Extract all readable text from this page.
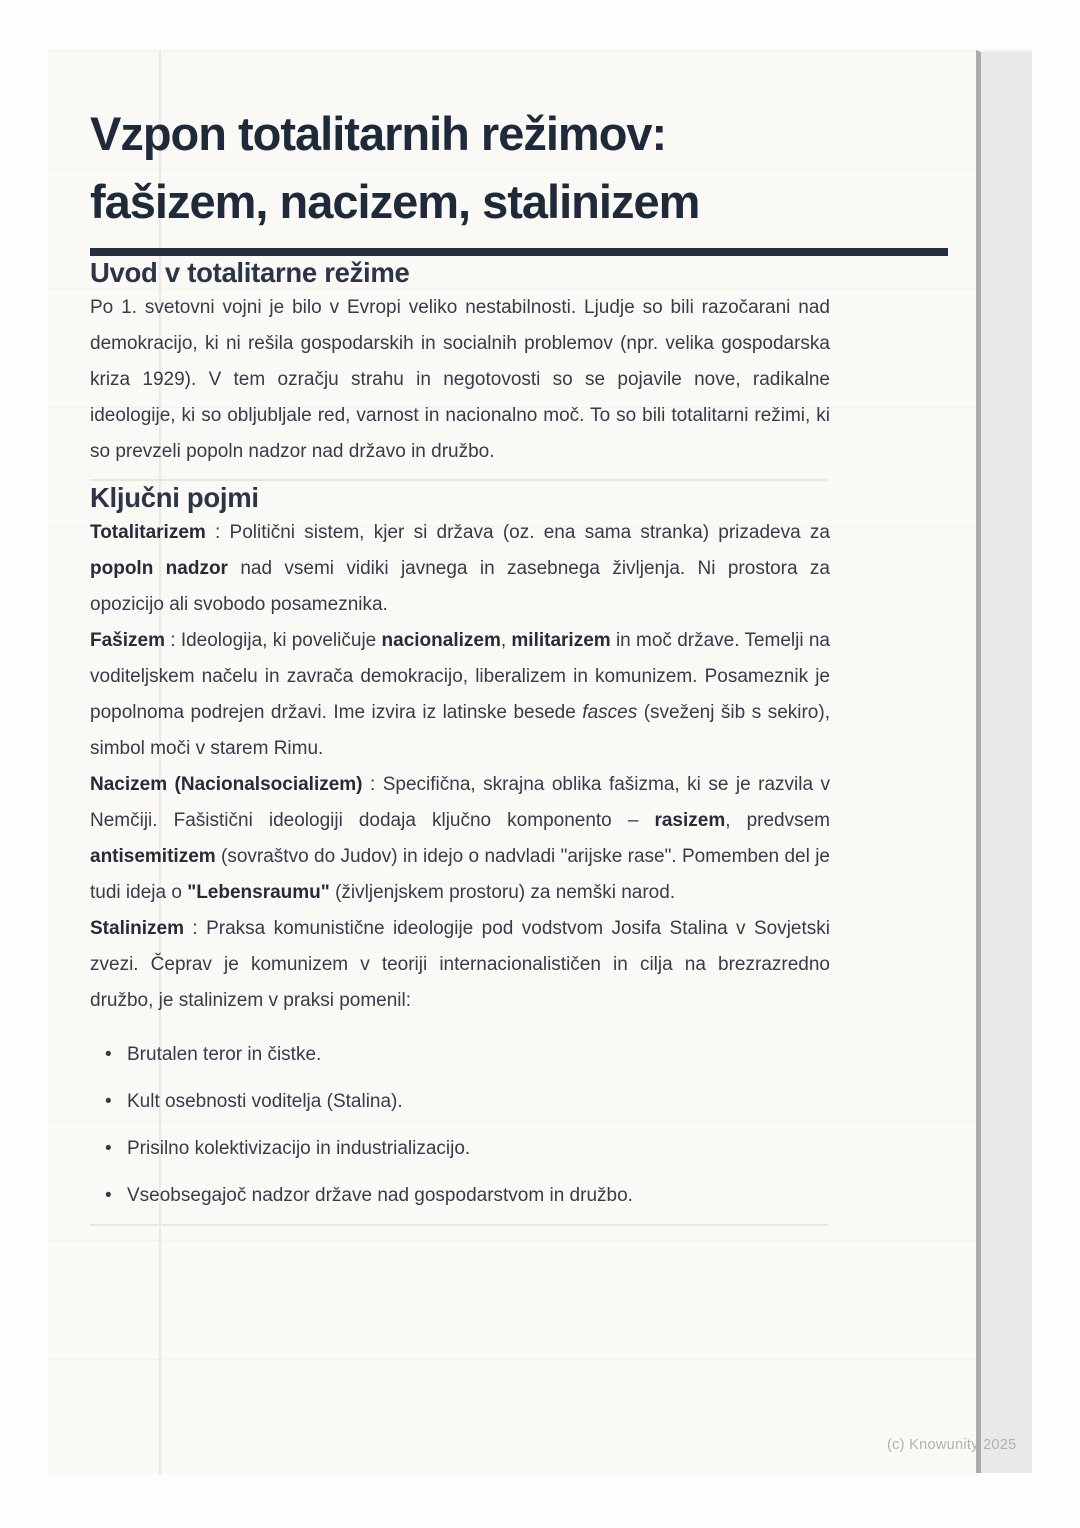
Vzpon totalitarnih režimov:
fašizem, nacizem, stalinizem
Uvod v totalitarne režime

Po 1. svetovni vojni je bilo v Evropi veliko nestabilnosti. Ljudje so bili razočarani nad demokracijo, ki ni rešila gospodarskih in socialnih problemov (npr. velika gospodarska kriza 1929). V tem ozračju strahu in negotovosti so se pojavile nove, radikalne ideologije, ki so obljubljale red, varnost in nacionalno moč. To so bili totalitarni režimi, ki so prevzeli popoln nadzor nad državo in družbo.

Ključni pojmi

Totalitarizem : Politični sistem, kjer si država (oz. ena sama stranka) prizadeva za popoln nadzor nad vsemi vidiki javnega in zasebnega življenja. Ni prostora za opozicijo ali svobodo posameznika.

Fašizem : Ideologija, ki poveličuje nacionalizem, militarizem in moč države. Temelji na voditeljskem načelu in zavrača demokracijo, liberalizem in komunizem. Posameznik je popolnoma podrejen državi. Ime izvira iz latinske besede fasces (sveženj šib s sekiro), simbol moči v starem Rimu.

Nacizem (Nacionalsocializem) : Specifična, skrajna oblika fašizma, ki se je razvila v Nemčiji. Fašistični ideologiji dodaja ključno komponento – rasizem, predvsem antisemitizem (sovraštvo do Judov) in idejo o nadvladi "arijske rase". Pomemben del je tudi ideja o "Lebensraumu" (življenjskem prostoru) za nemški narod.

Stalinizem : Praksa komunistične ideologije pod vodstvom Josifa Stalina v Sovjetski zvezi. Čeprav je komunizem v teoriji internacionalističen in cilja na brezrazredno družbo, je stalinizem v praksi pomenil:

• Brutalen teror in čistke.
• Kult osebnosti voditelja (Stalina).
• Prisilno kolektivizacijo in industrializacijo.
• Vseobsegajoč nadzor države nad gospodarstvom in družbo.
(c) Knowunity 2025
